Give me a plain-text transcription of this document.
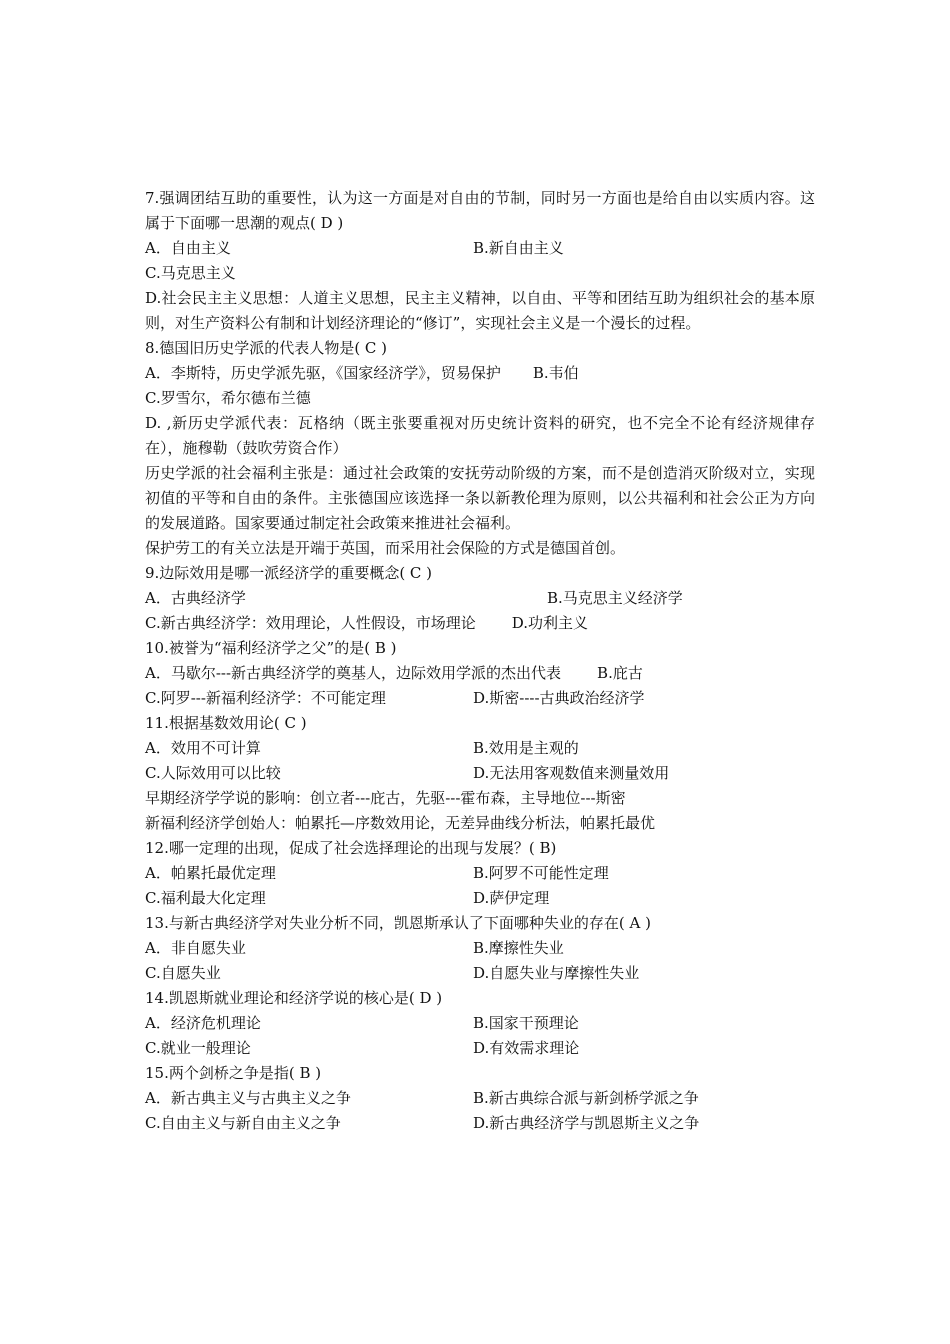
7.强调团结互助的重要性，认为这一方面是对自由的节制，同时另一方面也是给自由以实质内容。这属于下面哪一思潮的观点( D )
A．自由主义	B.新自由主义
C.马克思主义
D.社会民主主义思想：人道主义思想，民主主义精神，以自由、平等和团结互助为组织社会的基本原则，对生产资料公有制和计划经济理论的“修订”，实现社会主义是一个漫长的过程。
8.德国旧历史学派的代表人物是( C )
A．李斯特，历史学派先驱，《国家经济学》，贸易保护 B.韦伯
C.罗雪尔，希尔德布兰德
D. ,新历史学派代表：瓦格纳（既主张要重视对历史统计资料的研究，也不完全不论有经济规律存在），施穆勒（鼓吹劳资合作）
历史学派的社会福利主张是：通过社会政策的安抚劳动阶级的方案，而不是创造消灭阶级对立，实现初值的平等和自由的条件。主张德国应该选择一条以新教伦理为原则，以公共福利和社会公正为方向的发展道路。国家要通过制定社会政策来推进社会福利。
保护劳工的有关立法是开端于英国，而采用社会保险的方式是德国首创。
9.边际效用是哪一派经济学的重要概念( C )
A．古典经济学	B.马克思主义经济学
C.新古典经济学：效用理论，人性假设，市场理论 D.功利主义
10.被誉为“福利经济学之父”的是( B )
A．马歇尔---新古典经济学的奠基人，边际效用学派的杰出代表 B.庇古
C.阿罗---新福利经济学：不可能定理	D.斯密----古典政治经济学
11.根据基数效用论( C )
A．效用不可计算	B.效用是主观的
C.人际效用可以比较	D.无法用客观数值来测量效用
早期经济学学说的影响：创立者---庇古，先驱---霍布森，主导地位---斯密
新福利经济学创始人：帕累托—序数效用论，无差异曲线分析法，帕累托最优
12.哪一定理的出现，促成了社会选择理论的出现与发展？( B)
A．帕累托最优定理	B.阿罗不可能性定理
C.福利最大化定理	D.萨伊定理
13.与新古典经济学对失业分析不同，凯恩斯承认了下面哪种失业的存在( A )
A．非自愿失业	B.摩擦性失业
C.自愿失业	D.自愿失业与摩擦性失业
14.凯恩斯就业理论和经济学说的核心是( D )
A．经济危机理论	B.国家干预理论
C.就业一般理论	D.有效需求理论
15.两个剑桥之争是指( B )
A．新古典主义与古典主义之争	B.新古典综合派与新剑桥学派之争
C.自由主义与新自由主义之争	D.新古典经济学与凯恩斯主义之争
